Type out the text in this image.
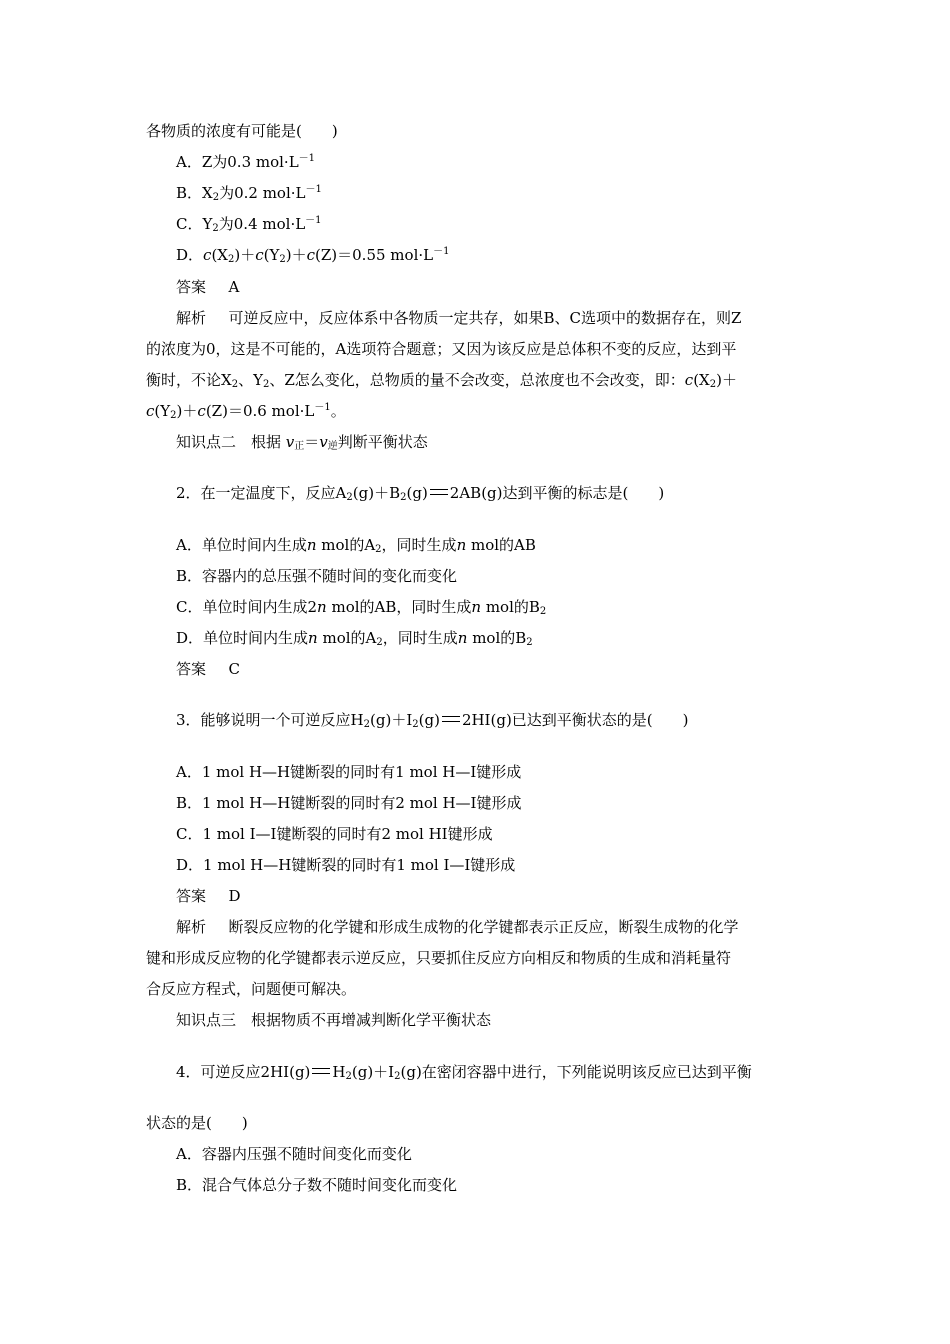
各物质的浓度有可能是(　　)
A．Z为0.3 $mol\cdot L^{-1}$
B．$X_2$为0.2 $mol\cdot L^{-1}$
C．$Y_2$为0.4 $mol\cdot L^{-1}$
D．$c(X_2)+c(Y_2)+c(Z)=0.55$ $mol\cdot L^{-1}$
答案 A
解析 可逆反应中，反应体系中各物质一定共存，如果B、C选项中的数据存在，则Z
的浓度为0，这是不可能的，A选项符合题意；又因为该反应是总体积不变的反应，达到平
衡时，不论$X_2$、$Y_2$、Z怎么变化，总物质的量不会改变，总浓度也不会改变，即：$c(X_2)+$
$c(Y_2)+c(Z)=0.6$ $mol\cdot L^{-1}$。
知识点二　根据 $v_正=v_逆$判断平衡状态
2．在一定温度下，反应$A_2(g)+B_2(g)$ 2AB(g)达到平衡的标志是(　　)
A．单位时间内生成n mol的$A_2$，同时生成n mol的AB
B．容器内的总压强不随时间的变化而变化
C．单位时间内生成2n mol的AB，同时生成n mol的$B_2$
D．单位时间内生成n mol的$A_2$，同时生成n mol的$B_2$
答案 C
3．能够说明一个可逆反应$H_2(g)+I_2(g)$ 2HI(g)已达到平衡状态的是(　　)
A．1 mol H—H键断裂的同时有1 mol H—I键形成
B．1 mol H—H键断裂的同时有2 mol H—I键形成
C．1 mol I—I键断裂的同时有2 mol HI键形成
D．1 mol H—H键断裂的同时有1 mol I—I键形成
答案 D
解析 断裂反应物的化学键和形成生成物的化学键都表示正反应，断裂生成物的化学
键和形成反应物的化学键都表示逆反应，只要抓住反应方向相反和物质的生成和消耗量符
合反应方程式，问题便可解决。
知识点三　根据物质不再增减判断化学平衡状态
4．可逆反应2HI(g) $H_2(g)+I_2(g)$在密闭容器中进行，下列能说明该反应已达到平衡
状态的是(　　)
A．容器内压强不随时间变化而变化
B．混合气体总分子数不随时间变化而变化
